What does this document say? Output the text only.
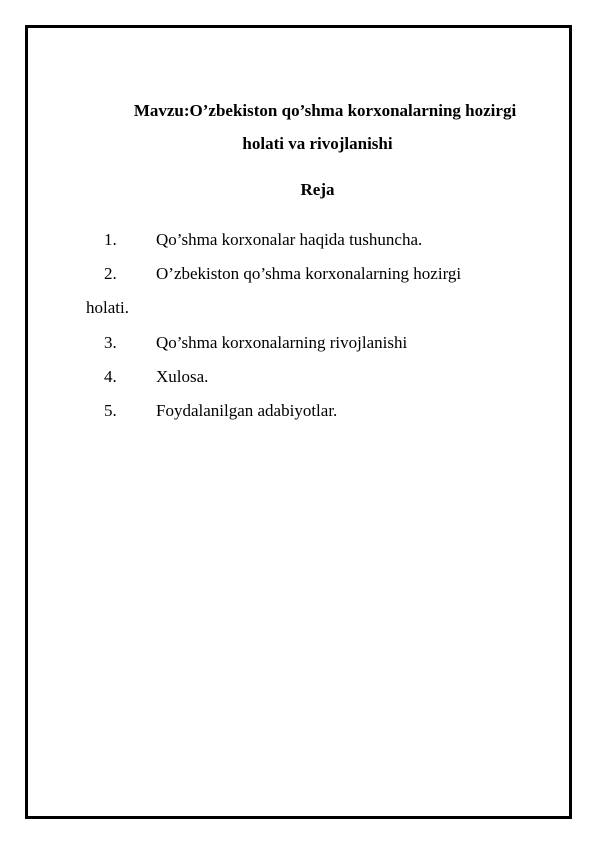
Mavzu:O’zbekiston qo’shma korxonalarning hozirgi
holati va rivojlanishi
Reja
1.	Qo’shma korxonalar haqida tushuncha.
2.	O’zbekiston qo’shma korxonalarning hozirgi
holati.
3.	Qo’shma korxonalarning rivojlanishi
4.	Xulosa.
5.	Foydalanilgan adabiyotlar.
